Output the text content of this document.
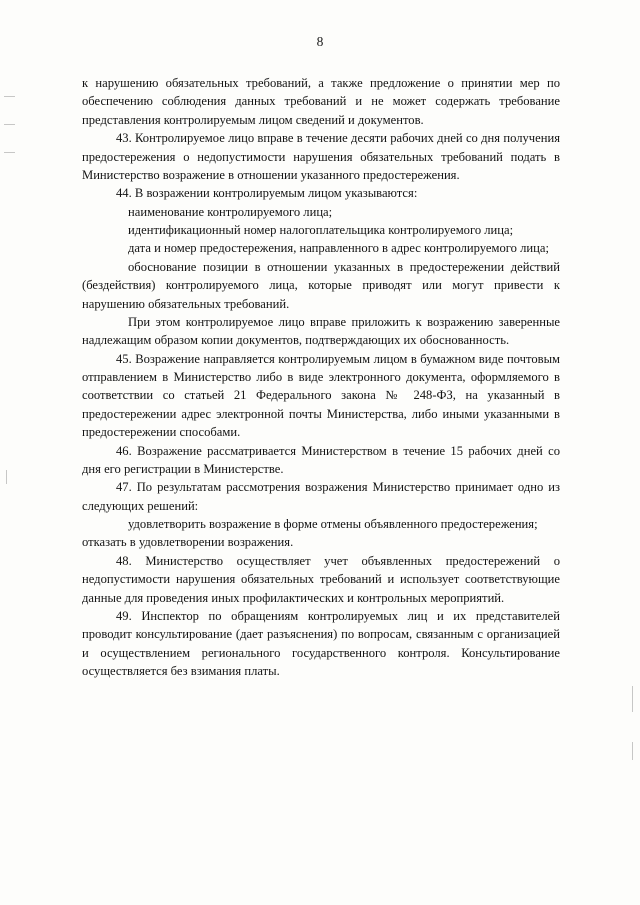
8

к нарушению обязательных требований, а также предложение о принятии мер по обеспечению соблюдения данных требований и не может содержать требование представления контролируемым лицом сведений и документов.

43. Контролируемое лицо вправе в течение десяти рабочих дней со дня получения предостережения о недопустимости нарушения обязательных требований подать в Министерство возражение в отношении указанного предостережения.

44. В возражении контролируемым лицом указываются:

наименование контролируемого лица;

идентификационный номер налогоплательщика контролируемого лица;

дата и номер предостережения, направленного в адрес контролируемого лица;

обоснование позиции в отношении указанных в предостережении действий (бездействия) контролируемого лица, которые приводят или могут привести к нарушению обязательных требований.

При этом контролируемое лицо вправе приложить к возражению заверенные надлежащим образом копии документов, подтверждающих их обоснованность.

45. Возражение направляется контролируемым лицом в бумажном виде почтовым отправлением в Министерство либо в виде электронного документа, оформляемого в соответствии со статьей 21 Федерального закона № 248-ФЗ, на указанный в предостережении адрес электронной почты Министерства, либо иными указанными в предостережении способами.

46. Возражение рассматривается Министерством в течение 15 рабочих дней со дня его регистрации в Министерстве.

47. По результатам рассмотрения возражения Министерство принимает одно из следующих решений:

удовлетворить возражение в форме отмены объявленного предостережения;

отказать в удовлетворении возражения.

48. Министерство осуществляет учет объявленных предостережений о недопустимости нарушения обязательных требований и использует соответствующие данные для проведения иных профилактических и контрольных мероприятий.

49. Инспектор по обращениям контролируемых лиц и их представителей проводит консультирование (дает разъяснения) по вопросам, связанным с организацией и осуществлением регионального государственного контроля. Консультирование осуществляется без взимания платы.
